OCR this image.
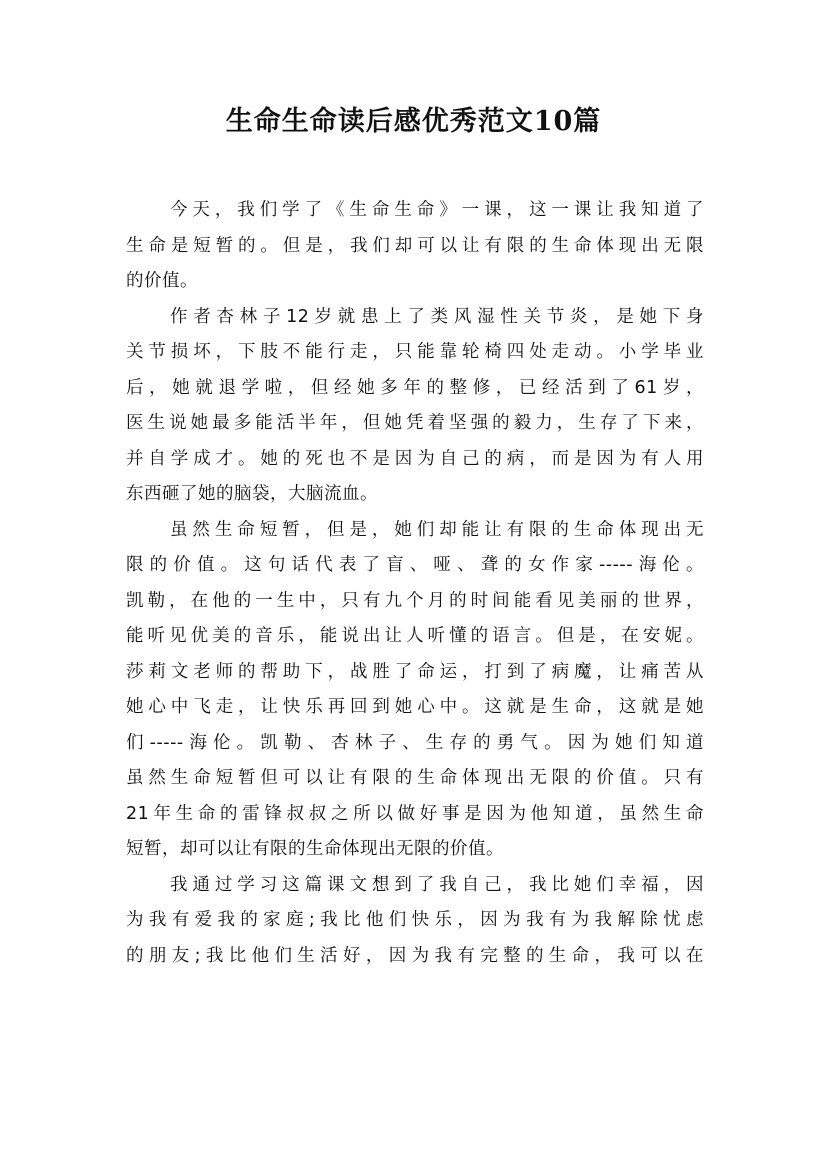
生命生命读后感优秀范文10篇
今天，我们学了《生命生命》一课，这一课让我知道了
生命是短暂的。但是，我们却可以让有限的生命体现出无限
的价值。
作者杏林子12岁就患上了类风湿性关节炎，是她下身
关节损坏，下肢不能行走，只能靠轮椅四处走动。小学毕业
后，她就退学啦，但经她多年的整修，已经活到了61岁，
医生说她最多能活半年，但她凭着坚强的毅力，生存了下来，
并自学成才。她的死也不是因为自己的病，而是因为有人用
东西砸了她的脑袋，大脑流血。
虽然生命短暂，但是，她们却能让有限的生命体现出无
限的价值。这句话代表了盲、哑、聋的女作家-----海伦。
凯勒，在他的一生中，只有九个月的时间能看见美丽的世界，
能听见优美的音乐，能说出让人听懂的语言。但是，在安妮。
莎莉文老师的帮助下，战胜了命运，打到了病魔，让痛苦从
她心中飞走，让快乐再回到她心中。这就是生命，这就是她
们-----海伦。凯勒、杏林子、生存的勇气。因为她们知道
虽然生命短暂但可以让有限的生命体现出无限的价值。只有
21年生命的雷锋叔叔之所以做好事是因为他知道，虽然生命
短暂，却可以让有限的生命体现出无限的价值。
我通过学习这篇课文想到了我自己，我比她们幸福，因
为我有爱我的家庭;我比他们快乐，因为我有为我解除忧虑
的朋友;我比他们生活好，因为我有完整的生命，我可以在
